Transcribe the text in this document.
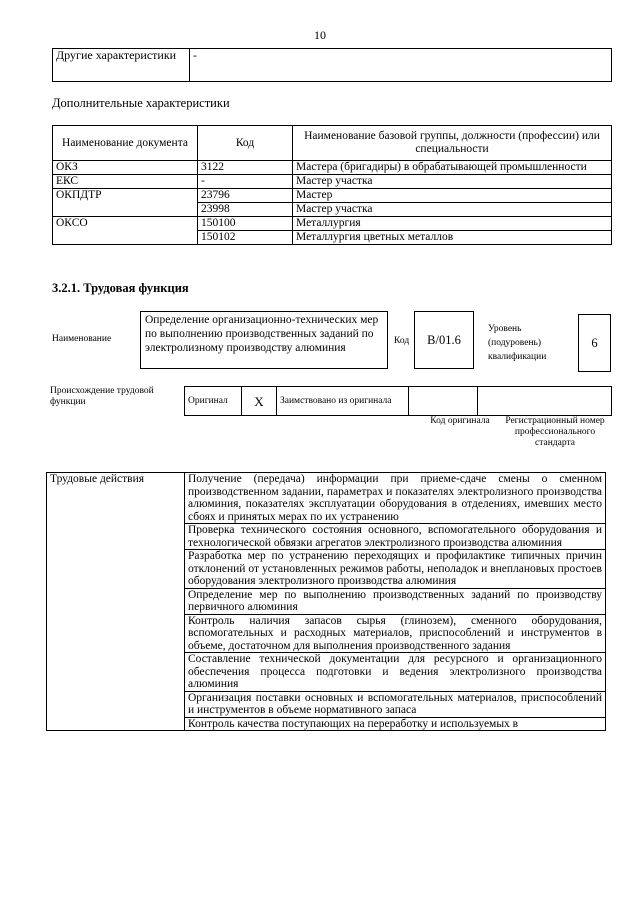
10
Другие характеристики	-
Дополнительные характеристики
Наименование документа	Код	Наименование базовой группы, должности (профессии) или специальности
ОКЗ	3122	Мастера (бригадиры) в обрабатывающей промышленности
ЕКС	-	Мастер участка
ОКПДТР	23796	Мастер
	23998	Мастер участка
ОКСО	150100	Металлургия
	150102	Металлургия цветных металлов
3.2.1. Трудовая функция
Наименование
Определение организационно-технических мер по выполнению производственных заданий по электролизному производству алюминия
Код	B/01.6
Уровень (подуровень) квалификации
6
Происхождение трудовой функции	Оригинал	X	Заимствовано из оригинала		
Код оригинала	Регистрационный номер профессионального стандарта
Трудовые действия	Получение (передача) информации при приеме-сдаче смены о сменном производственном задании, параметрах и показателях электролизного производства алюминия, показателях эксплуатации оборудования в отделениях, имевших место сбоях и принятых мерах по их устранению
Проверка технического состояния основного, вспомогательного оборудования и технологической обвязки агрегатов электролизного производства алюминия
Разработка мер по устранению переходящих и профилактике типичных причин отклонений от установленных режимов работы, неполадок и внеплановых простоев оборудования электролизного производства алюминия
Определение мер по выполнению производственных заданий по производству первичного алюминия
Контроль наличия запасов сырья (глинозем), сменного оборудования, вспомогательных и расходных материалов, приспособлений и инструментов в объеме, достаточном для выполнения производственного задания
Составление технической документации для ресурсного и организационного обеспечения процесса подготовки и ведения электролизного производства алюминия
Организация поставки основных и вспомогательных материалов, приспособлений и инструментов в объеме нормативного запаса
Контроль качества поступающих на переработку и используемых в
